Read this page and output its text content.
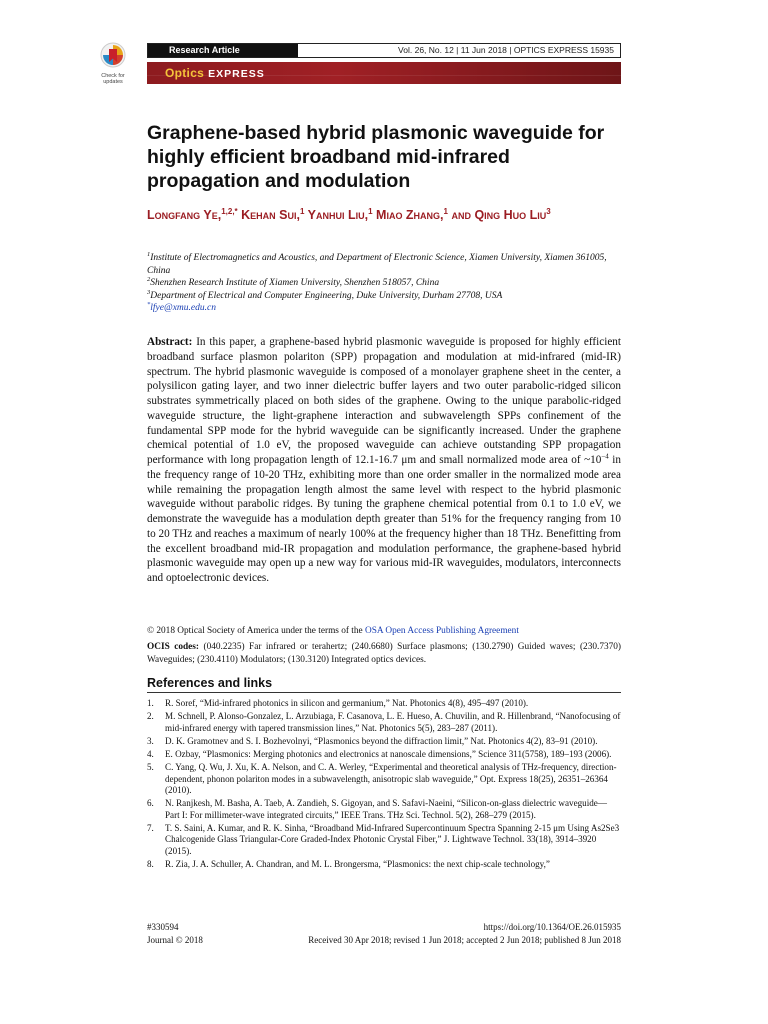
Check for
updates
Research Article	Vol. 26, No. 12 | 11 Jun 2018 | OPTICS EXPRESS 15935
Optics EXPRESS
Graphene-based hybrid plasmonic waveguide for highly efficient broadband mid-infrared propagation and modulation
Longfang Ye,$^{1,2,*}$ Kehan Sui,$^1$ Yanhui Liu,$^1$ Miao Zhang,$^1$ and Qing Huo Liu$^3$
$^1$Institute of Electromagnetics and Acoustics, and Department of Electronic Science, Xiamen University, Xiamen 361005, China
$^2$Shenzhen Research Institute of Xiamen University, Shenzhen 518057, China
$^3$Department of Electrical and Computer Engineering, Duke University, Durham 27708, USA
*lfye@xmu.edu.cn
Abstract: In this paper, a graphene-based hybrid plasmonic waveguide is proposed for highly efficient broadband surface plasmon polariton (SPP) propagation and modulation at mid-infrared (mid-IR) spectrum. The hybrid plasmonic waveguide is composed of a monolayer graphene sheet in the center, a polysilicon gating layer, and two inner dielectric buffer layers and two outer parabolic-ridged silicon substrates symmetrically placed on both sides of the graphene. Owing to the unique parabolic-ridged waveguide structure, the light-graphene interaction and subwavelength SPPs confinement of the fundamental SPP mode for the hybrid waveguide can be significantly increased. Under the graphene chemical potential of 1.0 eV, the proposed waveguide can achieve outstanding SPP propagation performance with long propagation length of 12.1-16.7 μm and small normalized mode area of $\sim 10^{-4}$ in the frequency range of 10-20 THz, exhibiting more than one order smaller in the normalized mode area while remaining the propagation length almost the same level with respect to the hybrid plasmonic waveguide without parabolic ridges. By tuning the graphene chemical potential from 0.1 to 1.0 eV, we demonstrate the waveguide has a modulation depth greater than 51% for the frequency ranging from 10 to 20 THz and reaches a maximum of nearly 100% at the frequency higher than 18 THz. Benefitting from the excellent broadband mid-IR propagation and modulation performance, the graphene-based hybrid plasmonic waveguide may open up a new way for various mid-IR waveguides, modulators, interconnects and optoelectronic devices.
© 2018 Optical Society of America under the terms of the OSA Open Access Publishing Agreement
OCIS codes: (040.2235) Far infrared or terahertz; (240.6680) Surface plasmons; (130.2790) Guided waves; (230.7370) Waveguides; (230.4110) Modulators; (130.3120) Integrated optics devices.
References and links
1. R. Soref, “Mid-infrared photonics in silicon and germanium,” Nat. Photonics 4(8), 495–497 (2010).
2. M. Schnell, P. Alonso-Gonzalez, L. Arzubiaga, F. Casanova, L. E. Hueso, A. Chuvilin, and R. Hillenbrand, “Nanofocusing of mid-infrared energy with tapered transmission lines,” Nat. Photonics 5(5), 283–287 (2011).
3. D. K. Gramotnev and S. I. Bozhevolnyi, “Plasmonics beyond the diffraction limit,” Nat. Photonics 4(2), 83–91 (2010).
4. E. Ozbay, “Plasmonics: Merging photonics and electronics at nanoscale dimensions,” Science 311(5758), 189–193 (2006).
5. C. Yang, Q. Wu, J. Xu, K. A. Nelson, and C. A. Werley, “Experimental and theoretical analysis of THz-frequency, direction-dependent, phonon polariton modes in a subwavelength, anisotropic slab waveguide,” Opt. Express 18(25), 26351–26364 (2010).
6. N. Ranjkesh, M. Basha, A. Taeb, A. Zandieh, S. Gigoyan, and S. Safavi-Naeini, “Silicon-on-glass dielectric waveguide—Part I: For millimeter-wave integrated circuits,” IEEE Trans. THz Sci. Technol. 5(2), 268–279 (2015).
7. T. S. Saini, A. Kumar, and R. K. Sinha, “Broadband Mid-Infrared Supercontinuum Spectra Spanning 2-15 μm Using As2Se3 Chalcogenide Glass Triangular-Core Graded-Index Photonic Crystal Fiber,” J. Lightwave Technol. 33(18), 3914–3920 (2015).
8. R. Zia, J. A. Schuller, A. Chandran, and M. L. Brongersma, “Plasmonics: the next chip-scale technology,”
#330594	https://doi.org/10.1364/OE.26.015935
Journal © 2018	Received 30 Apr 2018; revised 1 Jun 2018; accepted 2 Jun 2018; published 8 Jun 2018
